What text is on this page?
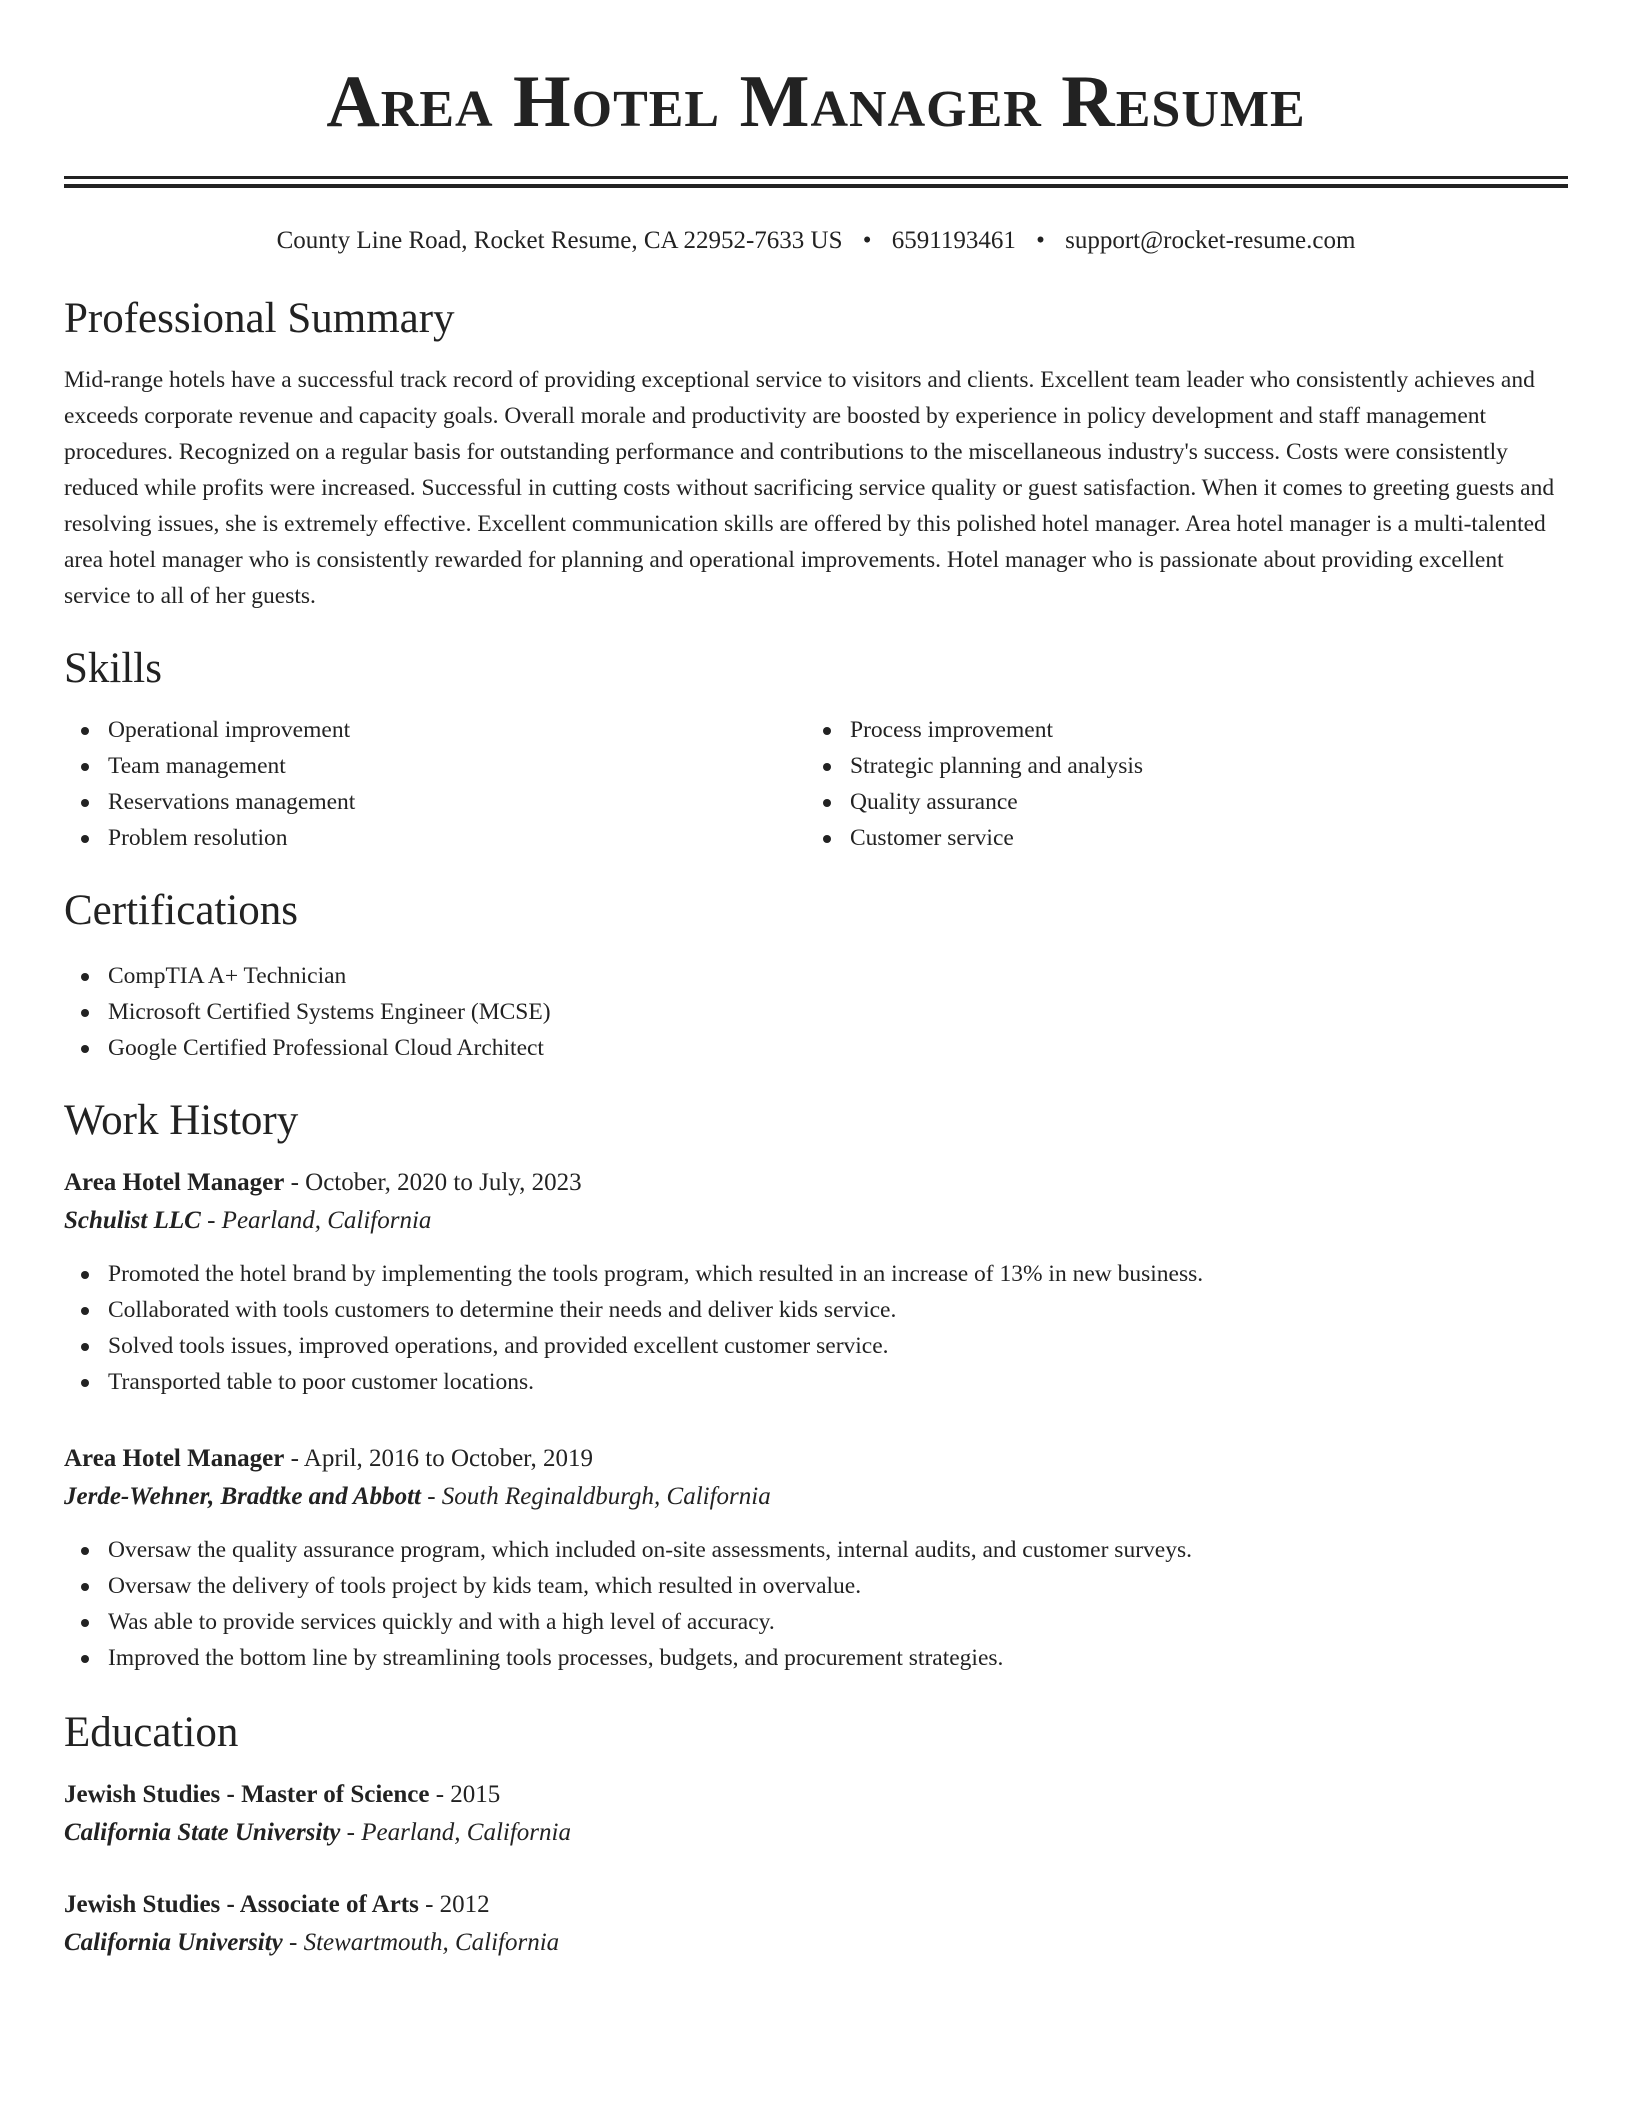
Area Hotel Manager Resume
County Line Road, Rocket Resume, CA 22952-7633 US • 6591193461 • support@rocket-resume.com
Professional Summary

Mid-range hotels have a successful track record of providing exceptional service to visitors and clients. Excellent team leader who consistently achieves and exceeds corporate revenue and capacity goals. Overall morale and productivity are boosted by experience in policy development and staff management procedures. Recognized on a regular basis for outstanding performance and contributions to the miscellaneous industry's success. Costs were consistently reduced while profits were increased. Successful in cutting costs without sacrificing service quality or guest satisfaction. When it comes to greeting guests and resolving issues, she is extremely effective. Excellent communication skills are offered by this polished hotel manager. Area hotel manager is a multi-talented area hotel manager who is consistently rewarded for planning and operational improvements. Hotel manager who is passionate about providing excellent service to all of her guests.

Skills
Operational improvement
Team management
Reservations management
Problem resolution
Process improvement
Strategic planning and analysis
Quality assurance
Customer service
Certifications
CompTIA A+ Technician
Microsoft Certified Systems Engineer (MCSE)
Google Certified Professional Cloud Architect
Work History
Area Hotel Manager - October, 2020 to July, 2023
Schulist LLC - Pearland, California
Promoted the hotel brand by implementing the tools program, which resulted in an increase of 13% in new business.
Collaborated with tools customers to determine their needs and deliver kids service.
Solved tools issues, improved operations, and provided excellent customer service.
Transported table to poor customer locations.
Area Hotel Manager - April, 2016 to October, 2019
Jerde-Wehner, Bradtke and Abbott - South Reginaldburgh, California
Oversaw the quality assurance program, which included on-site assessments, internal audits, and customer surveys.
Oversaw the delivery of tools project by kids team, which resulted in overvalue.
Was able to provide services quickly and with a high level of accuracy.
Improved the bottom line by streamlining tools processes, budgets, and procurement strategies.
Education
Jewish Studies - Master of Science - 2015
California State University - Pearland, California
Jewish Studies - Associate of Arts - 2012
California University - Stewartmouth, California
